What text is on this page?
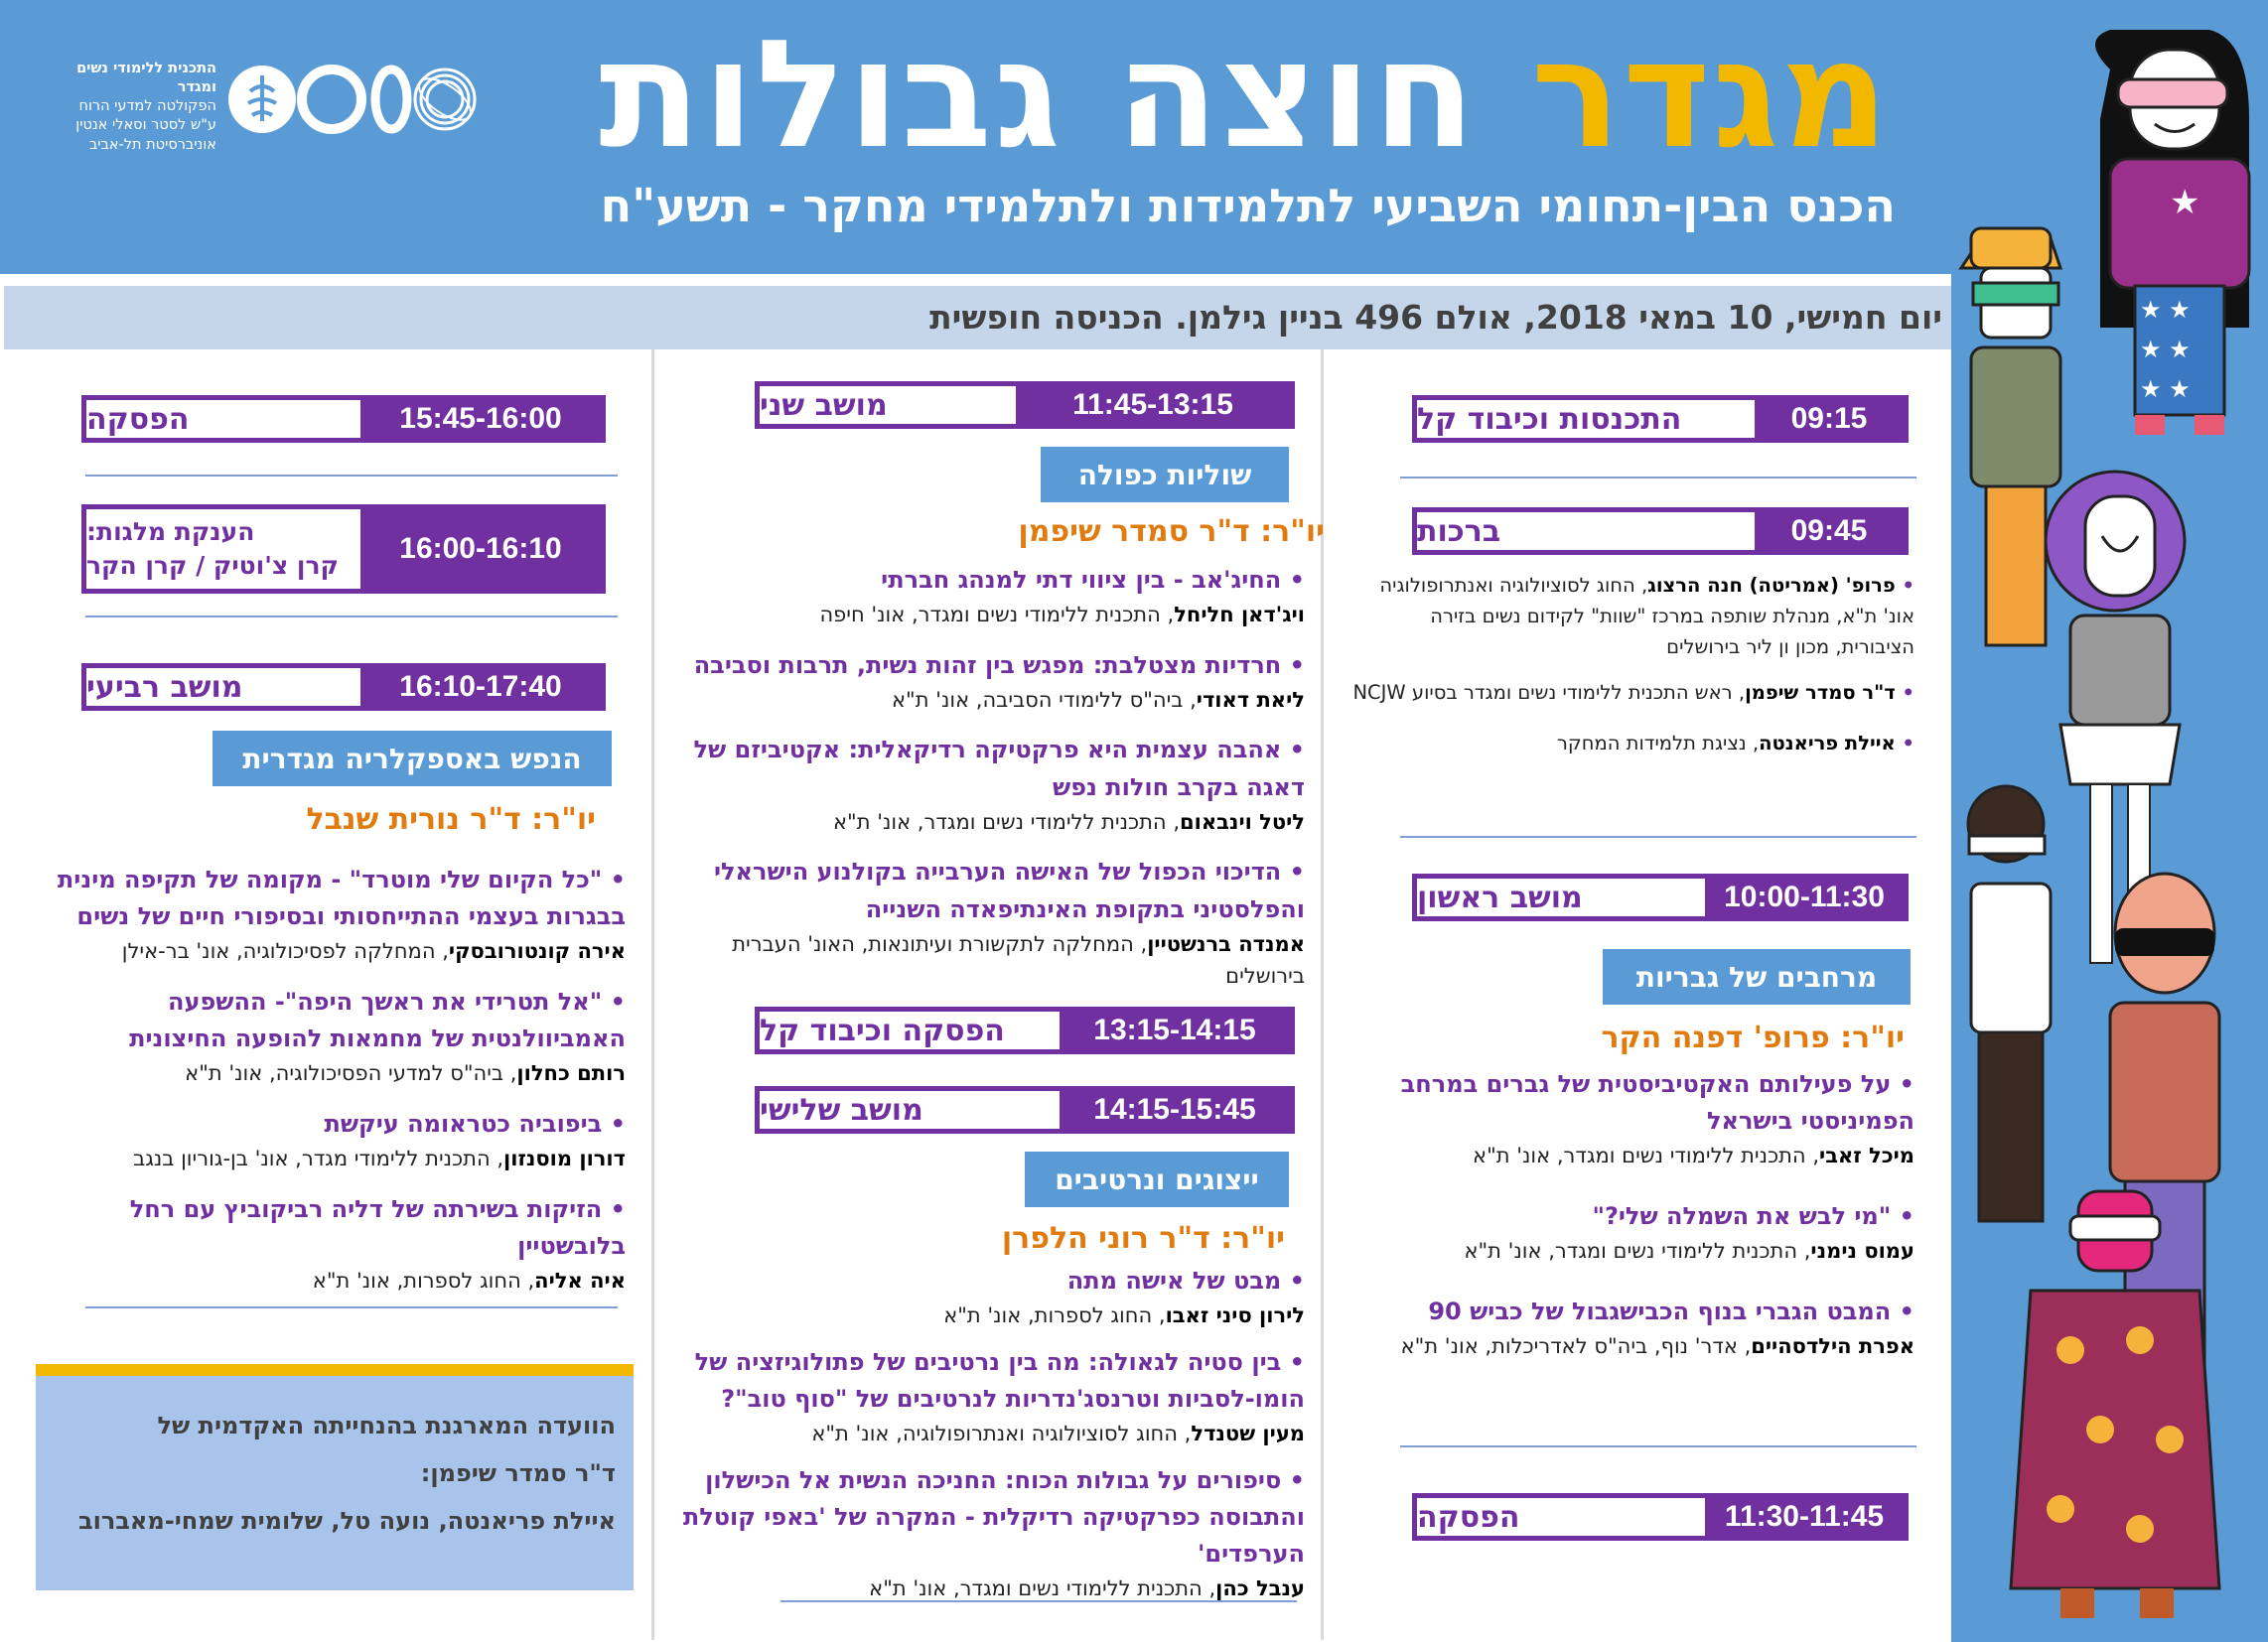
מגדר חוצה גבולות
הכנס הבין-תחומי השביעי לתלמידות ולתלמידי מחקר - תשע"ח
התכנית ללימודי נשים ומגדר
הפקולטה למדעי הרוח
ע"ש לסטר וסאלי אנטין
אוניברסיטת תל-אביב
יום חמישי, 10 במאי 2018, אולם 496 בניין גילמן. הכניסה חופשית
★
★ ★
★ ★
★ ★
התכנסות וכיבוד קל	09:15
ברכות	09:45
• פרופ' (אמריטה) חנה הרצוג, החוג לסוציולוגיה ואנתרופולוגיה אונ' ת"א, מנהלת שותפה במרכז "שוות" לקידום נשים בזירה הציבורית, מכון ון ליר בירושלים
• ד"ר סמדר שיפמן, ראש התכנית ללימודי נשים ומגדר בסיוע NCJW
• איילת פריאנטה, נציגת תלמידות המחקר
מושב ראשון	10:00-11:30
מרחבים של גבריות
יו"ר: פרופ' דפנה הקר
• על פעילותם האקטיביסטית של גברים במרחב הפמיניסטי בישראל
מיכל זאבי, התכנית ללימודי נשים ומגדר, אונ' ת"א
• "מי לבש את השמלה שלי?"
עמוס נימני, התכנית ללימודי נשים ומגדר, אונ' ת"א
• המבט הגברי בנוף הכבישגבול של כביש 90
אפרת הילדסהיים, אדר' נוף, ביה"ס לאדריכלות, אונ' ת"א
הפסקה	11:30-11:45
מושב שני	11:45-13:15
שוליות כפולה
יו"ר: ד"ר סמדר שיפמן
• החיג'אב - בין ציווי דתי למנהג חברתי
ויג'דאן חליחל, התכנית ללימודי נשים ומגדר, אונ' חיפה
• חרדיות מצטלבת: מפגש בין זהות נשית, תרבות וסביבה
ליאת דאודי, ביה"ס ללימודי הסביבה, אונ' ת"א
• אהבה עצמית היא פרקטיקה רדיקאלית: אקטיביזם של דאגה בקרב חולות נפש
ליטל וינבאום, התכנית ללימודי נשים ומגדר, אונ' ת"א
• הדיכוי הכפול של האישה הערבייה בקולנוע הישראלי והפלסטיני בתקופת האינתיפאדה השנייה
אמנדה ברנשטיין, המחלקה לתקשורת ועיתונאות, האונ' העברית בירושלים
הפסקה וכיבוד קל	13:15-14:15
מושב שלישי	14:15-15:45
ייצוגים ונרטיבים
יו"ר: ד"ר רוני הלפרן
• מבט של אישה מתה
לירון סיני זאבו, החוג לספרות, אונ' ת"א
• בין סטיה לגאולה: מה בין נרטיבים של פתולוגיזציה של הומו-לסביות וטרנסג'נדריות לנרטיבים של "סוף טוב"?
מעין שטנדל, החוג לסוציולוגיה ואנתרופולוגיה, אונ' ת"א
• סיפורים על גבולות הכוח: החניכה הנשית אל הכישלון והתבוסה כפרקטיקה רדיקלית - המקרה של 'באפי קוטלת הערפדים'
ענבל כהן, התכנית ללימודי נשים ומגדר, אונ' ת"א
הפסקה	15:45-16:00
הענקת מלגות:
קרן צ'וטיק / קרן הקר
16:00-16:10
מושב רביעי	16:10-17:40
הנפש באספקלריה מגדרית
יו"ר: ד"ר נורית שנבל
• "כל הקיום שלי מוטרד" - מקומה של תקיפה מינית בבגרות בעצמי ההתייחסותי ובסיפורי חיים של נשים
אירה קונטורובסקי, המחלקה לפסיכולוגיה, אונ' בר-אילן
• "אל תטרידי את ראשך היפה"- ההשפעה האמביוולנטית של מחמאות להופעה החיצונית
רותם כחלון, ביה"ס למדעי הפסיכולוגיה, אונ' ת"א
• ביפוביה כטראומה עיקשת
דורון מוסנזון, התכנית ללימודי מגדר, אונ' בן-גוריון בנגב
• הזיקות בשירתה של דליה רביקוביץ עם רחל בלובשטיין
איה אליה, החוג לספרות, אונ' ת"א
הוועדה המארגנת בהנחייתה האקדמית של
ד"ר סמדר שיפמן:
איילת פריאנטה, נועה טל, שלומית שמחי-מאברוב
